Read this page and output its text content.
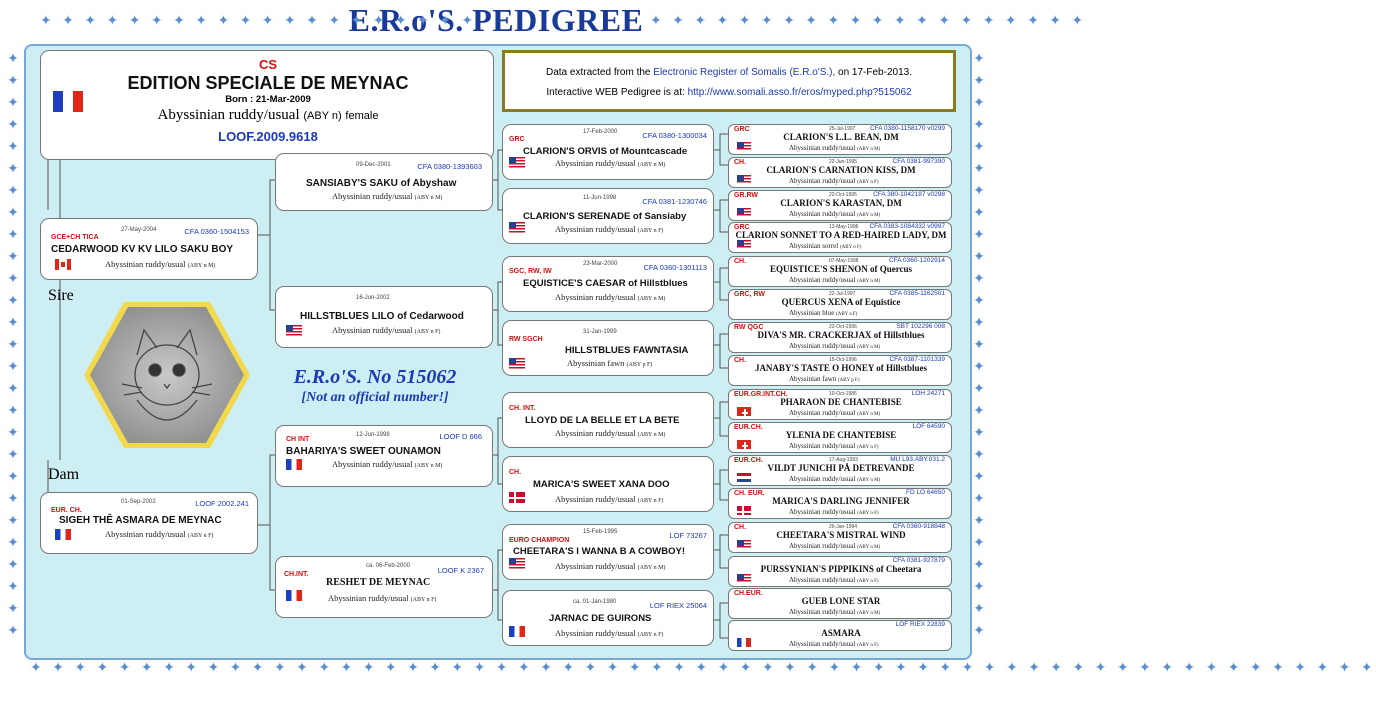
E.R.o'S. PEDIGREE
✦ ✦ ✦ ✦ ✦ ✦ ✦ ✦ ✦ ✦ ✦ ✦ ✦ ✦ ✦ ✦ ✦ ✦ ✦ ✦	✦ ✦ ✦ ✦ ✦ ✦ ✦ ✦ ✦ ✦ ✦ ✦ ✦ ✦ ✦ ✦ ✦ ✦ ✦ ✦
✦ ✦ ✦ ✦ ✦ ✦ ✦ ✦ ✦ ✦ ✦ ✦ ✦ ✦ ✦ ✦ ✦ ✦ ✦ ✦ ✦ ✦ ✦ ✦ ✦ ✦ ✦ ✦ ✦ ✦ ✦ ✦ ✦ ✦ ✦ ✦ ✦ ✦ ✦ ✦ ✦ ✦ ✦ ✦ ✦ ✦ ✦ ✦ ✦ ✦ ✦ ✦ ✦ ✦ ✦ ✦ ✦ ✦ ✦ ✦ ✦
✦
✦
✦
✦
✦
✦
✦
✦
✦
✦
✦
✦
✦
✦
✦
✦
✦
✦
✦
✦
✦
✦
✦
✦
✦
✦
✦
✦
✦
✦
✦
✦
✦
✦
✦
✦
✦
✦
✦
✦
✦
✦
✦
✦
✦
✦
✦
✦
✦
✦
✦
✦
✦
✦
CS
EDITION SPECIALE DE MEYNAC
Born : 21-Mar-2009
Abyssinian ruddy/usual (ABY n) female
LOOF.2009.9618
Data extracted from the Electronic Register of Somalis (E.R.o'S.), on 17-Feb-2013.
Interactive WEB Pedigree is at: http://www.somali.asso.fr/eros/myped.php?515062
Sire
Dam
E.R.o'S. No 515062
[Not an official number!]
27-May-2004	CFA 0360-1504153
GCE+CH TICA
CEDARWOOD KV KV LILO SAKU BOY
Abyssinian ruddy/usual (ABY n M)
01-Sep-2002	LOOF 2002.241
EUR. CH.
SIGEH THÊ ASMARA DE MEYNAC
Abyssinian ruddy/usual (ABY n F)
09-Dec-2001	CFA 0380-1393603
SANSIABY'S SAKU of Abyshaw
Abyssinian ruddy/usual (ABY n M)
16-Jun-2002
HILLSTBLUES LILO of Cedarwood
Abyssinian ruddy/usual (ABY n F)
12-Jun-1998	LOOF D 666
CH INT
BAHARIYA'S SWEET OUNAMON
Abyssinian ruddy/usual (ABY n M)
ca. 06-Feb-2000	LOOF K 2367
CH.INT.
RESHET DE MEYNAC
Abyssinian ruddy/usual (ABY n F)
17-Feb-2000	CFA 0380-1300034
GRC
CLARION'S ORVIS of Mountcascade
Abyssinian ruddy/usual (ABY n M)
11-Jun-1998	CFA 0381-1230746
CLARION'S SERENADE of Sansiaby
Abyssinian ruddy/usual (ABY n F)
23-Mar-2000	CFA 0360-1301113
SGC, RW, IW
EQUISTICE'S CAESAR of Hillstblues
Abyssinian ruddy/usual (ABY n M)
31-Jan-1999
RW SGCH
HILLSTBLUES FAWNTASIA
Abyssinian fawn (ABY p F)
CH. INT.
LLOYD DE LA BELLE ET LA BETE
Abyssinian ruddy/usual (ABY n M)
CH.
MARICA'S SWEET XANA DOO
Abyssinian ruddy/usual (ABY n F)
15-Feb-1995	LOF 73267
EURO CHAMPION
CHEETARA'S I WANNA B A COWBOY!
Abyssinian ruddy/usual (ABY n M)
ca. 01-Jan-1980	LOF RIEX 25064
JARNAC DE GUIRONS
Abyssinian ruddy/usual (ABY n F)
GRC	25-Jul-1997 CFA 0380-1158170 v0299
CLARION'S L.L. BEAN, DM
Abyssinian ruddy/usual (ABY n M)
CH.	22-Jun-1995	CFA 0381-997390
CLARION'S CARNATION KISS, DM
Abyssinian ruddy/usual (ABY n F)
GR.RW	22-Oct-1995	CFA 380-1042187 v0298
CLARION'S KARASTAN, DM
Abyssinian ruddy/usual (ABY n M)
GRC	13-May-1996 CFA 0383-1084332 v0997
CLARION SONNET TO A RED-HAIRED LADY, DM
Abyssinian sorrel (ABY o F)
CH.	07-May-1998	CFA 0360-1202914
EQUISTICE'S SHENON of Quercus
Abyssinian ruddy/usual (ABY n M)
GRC, RW	22-Jul-1997	CFA 0385-1162501
QUERCUS XENA of Equistice
Abyssinian blue (ABY a F)
RW QGC	22-Oct-1996	SBT 102296 008
DIVA'S MR. CRACKERJAX of Hillstblues
Abyssinian ruddy/usual (ABY n M)
CH.	15-Oct-1996	CFA 0387-1101339
JANABY'S TASTE O HONEY of Hillstblues
Abyssinian fawn (ABY p F)
EUR.GR.INT.CH.	10-Oct-1986	LOH 24271
PHARAON DE CHANTEBISE
Abyssinian ruddy/usual (ABY n M)
EUR.CH.	LOF 64590
YLENIA DE CHANTEBISE
Abyssinian ruddy/usual (ABY n F)
EUR.CH.	17-Aug-1993	MU L93.ABY.031.2
VILDT JUNICHI PÅ DETREVANDE
Abyssinian ruddy/usual (ABY n M)
CH. EUR.	FD LO 64650
MARICA'S DARLING JENNIFER
Abyssinian ruddy/usual (ABY n F)
CH.	26-Jan-1994	CFA 0360-918848
CHEETARA'S MISTRAL WIND
Abyssinian ruddy/usual (ABY n M)
CFA 0381-927879
PURSSYNIAN'S PIPPIKINS of Cheetara
Abyssinian ruddy/usual (ABY n F)
CH.EUR.
GUEB LONE STAR
Abyssinian ruddy/usual (ABY n M)
LOF RIEX 22839
ASMARA
Abyssinian ruddy/usual (ABY n F)
